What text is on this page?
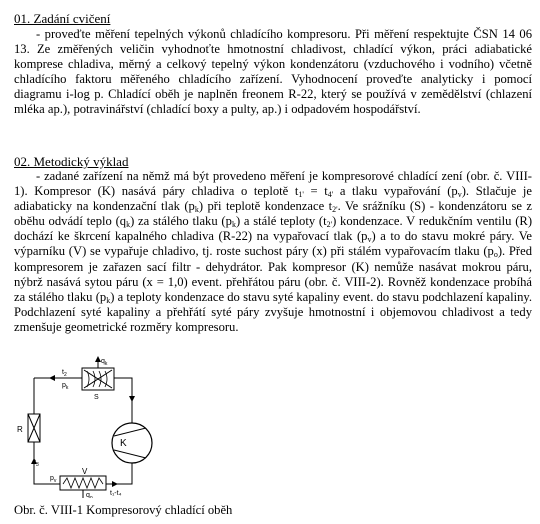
01. Zadání cvičení
- proveďte měření tepelných výkonů chladícího kompresoru. Při měření respektujte ČSN 14 06 13. Ze změřených veličin vyhodnoťte hmotnostní chladivost, chladící výkon, práci adiabatické komprese chladiva, měrný a celkový tepelný výkon kondenzátoru (vzduchového i vodního) včetně chladícího faktoru měřeného chladícího zařízení. Vyhodnocení proveďte analyticky i pomocí diagramu i-log p. Chladící oběh je naplněn freonem R-22, který se používá v zemědělství (chlazení mléka ap.), potravinářství (chladící boxy a pulty, ap.) i odpadovém hospodářství.
02. Metodický výklad
- zadané zařízení na němž má být provedeno měření je kompresorové chladící zení (obr. č. VIII-1). Kompresor (K) nasává páry chladiva o teplotě $t_{1'} = t_{4'}$ a tlaku vypařování $(p_v)$. Stlačuje je adiabaticky na kondenzační tlak $(p_k)$ při teplotě kondenzace $t_{2'}$. Ve srážníku (S) - kondenzátoru se z oběhu odvádí teplo $(q_k)$ za stálého tlaku $(p_k)$ a stálé teploty $(t_{2'})$ kondenzace. V redukčním ventilu (R) dochází ke škrcení kapalného chladiva (R-22) na vypařovací tlak $(p_v)$ a to do stavu mokré páry. Ve výparníku (V) se vypařuje chladivo, tj. roste suchost páry (x) při stálém vypařovacím tlaku $(p_o)$. Před kompresorem je zařazen sací filtr - dehydrátor. Pak kompresor (K) nemůže nasávat mokrou páru, nýbrž nasává sytou páru (x = 1,0) event. přehřátou páru (obr. č. VIII-2). Rovněž kondenzace probíhá za stálého tlaku $(p_k)$ a teploty kondenzace do stavu syté kapaliny event. do stavu podchlazení kapaliny. Podchlazení syté kapaliny a přehřátí syté páry zvyšuje hmotnostní i objemovou chladivost a tedy zmenšuje geometrické rozměry kompresoru.
$q_k$
$t_2$
$p_k$
S
R
K
V
$t_3$
$p_v$
$q_o$
t₁-t₄
Obr. č. VIII-1 Kompresorový chladící oběh
